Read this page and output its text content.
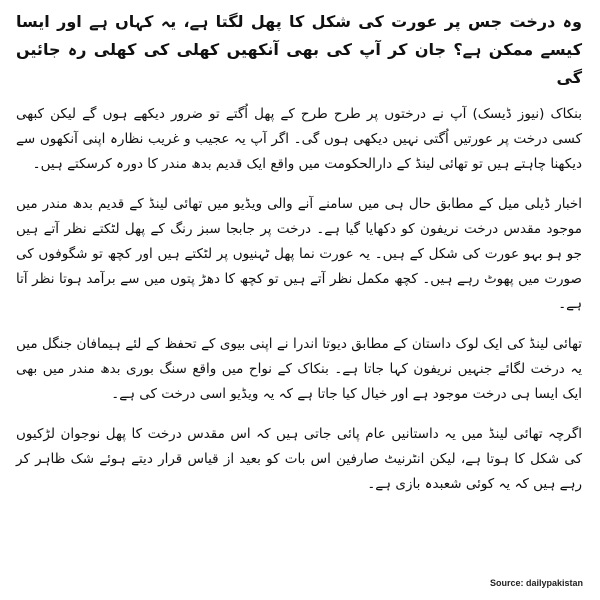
وہ درخت جس پر عورت کی شکل کا پھل لگتا ہے، یہ کہاں ہے اور ایسا کیسے ممکن ہے؟ جان کر آپ کی بھی آنکھیں کھلی کی کھلی رہ جائیں گی

بنکاک (نیوز ڈیسک) آپ نے درختوں پر طرح طرح کے پھل اُگتے تو ضرور دیکھے ہوں گے لیکن کبھی کسی درخت پر عورتیں اُگتی نہیں دیکھی ہوں گی۔ اگر آپ یہ عجیب و غریب نظارہ اپنی آنکھوں سے دیکھنا چاہتے ہیں تو تھائی لینڈ کے دارالحکومت میں واقع ایک قدیم بدھ مندر کا دورہ کرسکتے ہیں۔

اخبار ڈیلی میل کے مطابق حال ہی میں سامنے آنے والی ویڈیو میں تھائی لینڈ کے قدیم بدھ مندر میں موجود مقدس درخت نریفون کو دکھایا گیا ہے۔ درخت پر جابجا سبز رنگ کے پھل لٹکتے نظر آتے ہیں جو ہو بہو عورت کی شکل کے ہیں۔ یہ عورت نما پھل ٹہنیوں پر لٹکتے ہیں اور کچھ تو شگوفوں کی صورت میں پھوٹ رہے ہیں۔ کچھ مکمل نظر آتے ہیں تو کچھ کا دھڑ پتوں میں سے برآمد ہوتا نظر آتا ہے۔

تھائی لینڈ کی ایک لوک داستان کے مطابق دیوتا اندرا نے اپنی بیوی کے تحفظ کے لئے ہیمافان جنگل میں یہ درخت لگائے جنہیں نریفون کہا جاتا ہے۔ بنکاک کے نواح میں واقع سنگ بوری بدھ مندر میں بھی ایک ایسا ہی درخت موجود ہے اور خیال کیا جاتا ہے کہ یہ ویڈیو اسی درخت کی ہے۔

اگرچہ تھائی لینڈ میں یہ داستانیں عام پائی جاتی ہیں کہ اس مقدس درخت کا پھل نوجوان لڑکیوں کی شکل کا ہوتا ہے، لیکن انٹرنیٹ صارفین اس بات کو بعید از قیاس قرار دیتے ہوئے شک ظاہر کر رہے ہیں کہ یہ کوئی شعبدہ بازی ہے۔

Source: dailypakistan
